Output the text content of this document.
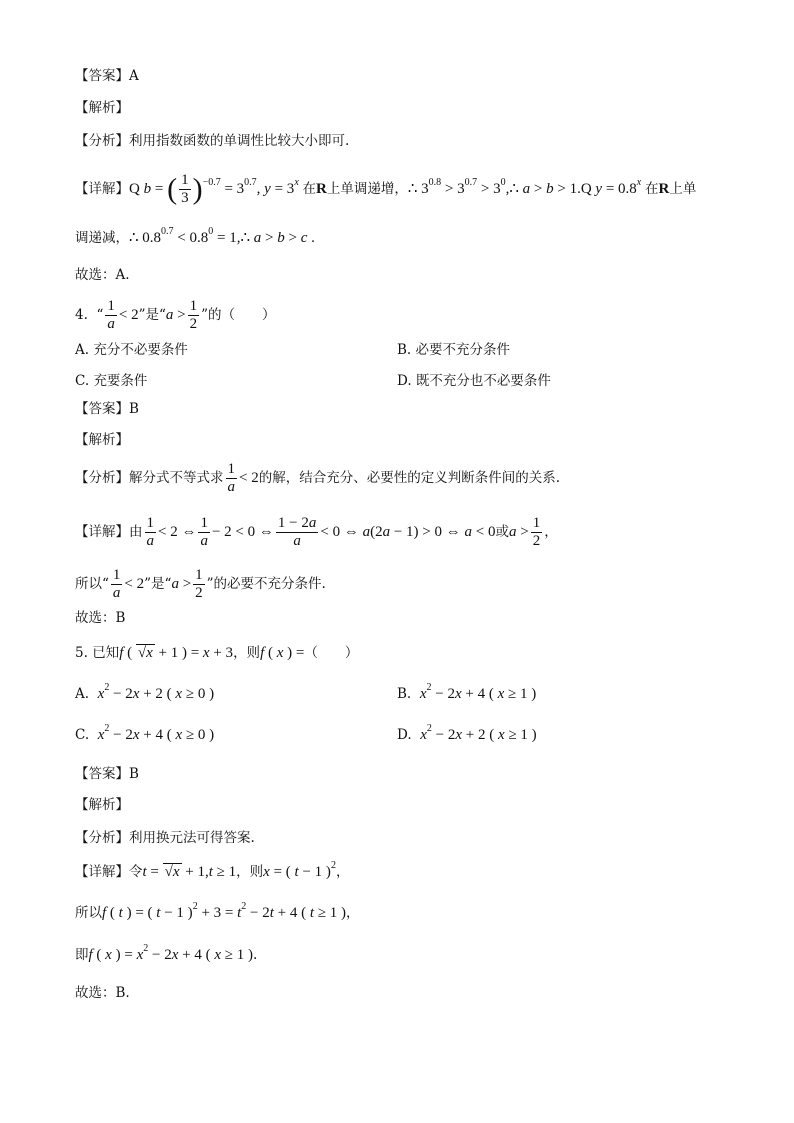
【答案】A
【解析】
【分析】利用指数函数的单调性比较大小即可.
【详解】Q b = ( $\frac{1}{3} )^{-0.7} = 3^{0.7}$, $y = 3^x$ 在R上单调递增，∴ $3^{0.8} > 3^{0.7}$ > $3^0,\therefore$ a > b > 1.Q $y = 0.8^x$ 在R上单
调递减，∴ $0.8^{0.7} < 0.8^0$ = 1,∴ a > b > c .
故选：A.
4. “ $\frac{1}{a} < 2$”是“$a > \frac{1}{2}$ ”的（　　）
A. 充分不必要条件	B. 必要不充分条件
C. 充要条件	D. 既不充分也不必要条件
【答案】B
【解析】
【分析】解分式不等式求 $\frac{1}{a} < 2$的解，结合充分、必要性的定义判断条件间的关系.
【详解】由 $\frac{1}{a} < 2$ ⇔ $\frac{1}{a} - 2 < 0$ ⇔ $\frac{1 - 2a}{a} < 0$ ⇔ a(2a − 1) > 0 ⇔ a < 0或$a > \frac{1}{2}$ ，
所以“ $\frac{1}{a} < 2$”是“$a > \frac{1}{2}$ ”的必要不充分条件.
故选：B
5. 已知f ( √x + 1 ) = x + 3，则f ( x ) =（　　）
A. $x^2 - 2x + 2$ ( x ≥ 0 )	B. $x^2 - 2x + 4$ ( x ≥ 1 )
C. $x^2 - 2x + 4$ ( x ≥ 0 )	D. $x^2 - 2x + 2$ ( x ≥ 1 )
【答案】B
【解析】
【分析】利用换元法可得答案.
【详解】令t = √x + 1,t ≥ 1，则x = ( t − 1 )$^2$，
所以f ( t ) = ( t − 1 )$^2 + 3 = t^2 - 2t + 4$ ( t ≥ 1 )，
即f ( x ) = $x^2 - 2x + 4$ ( x ≥ 1 ).
故选：B.
